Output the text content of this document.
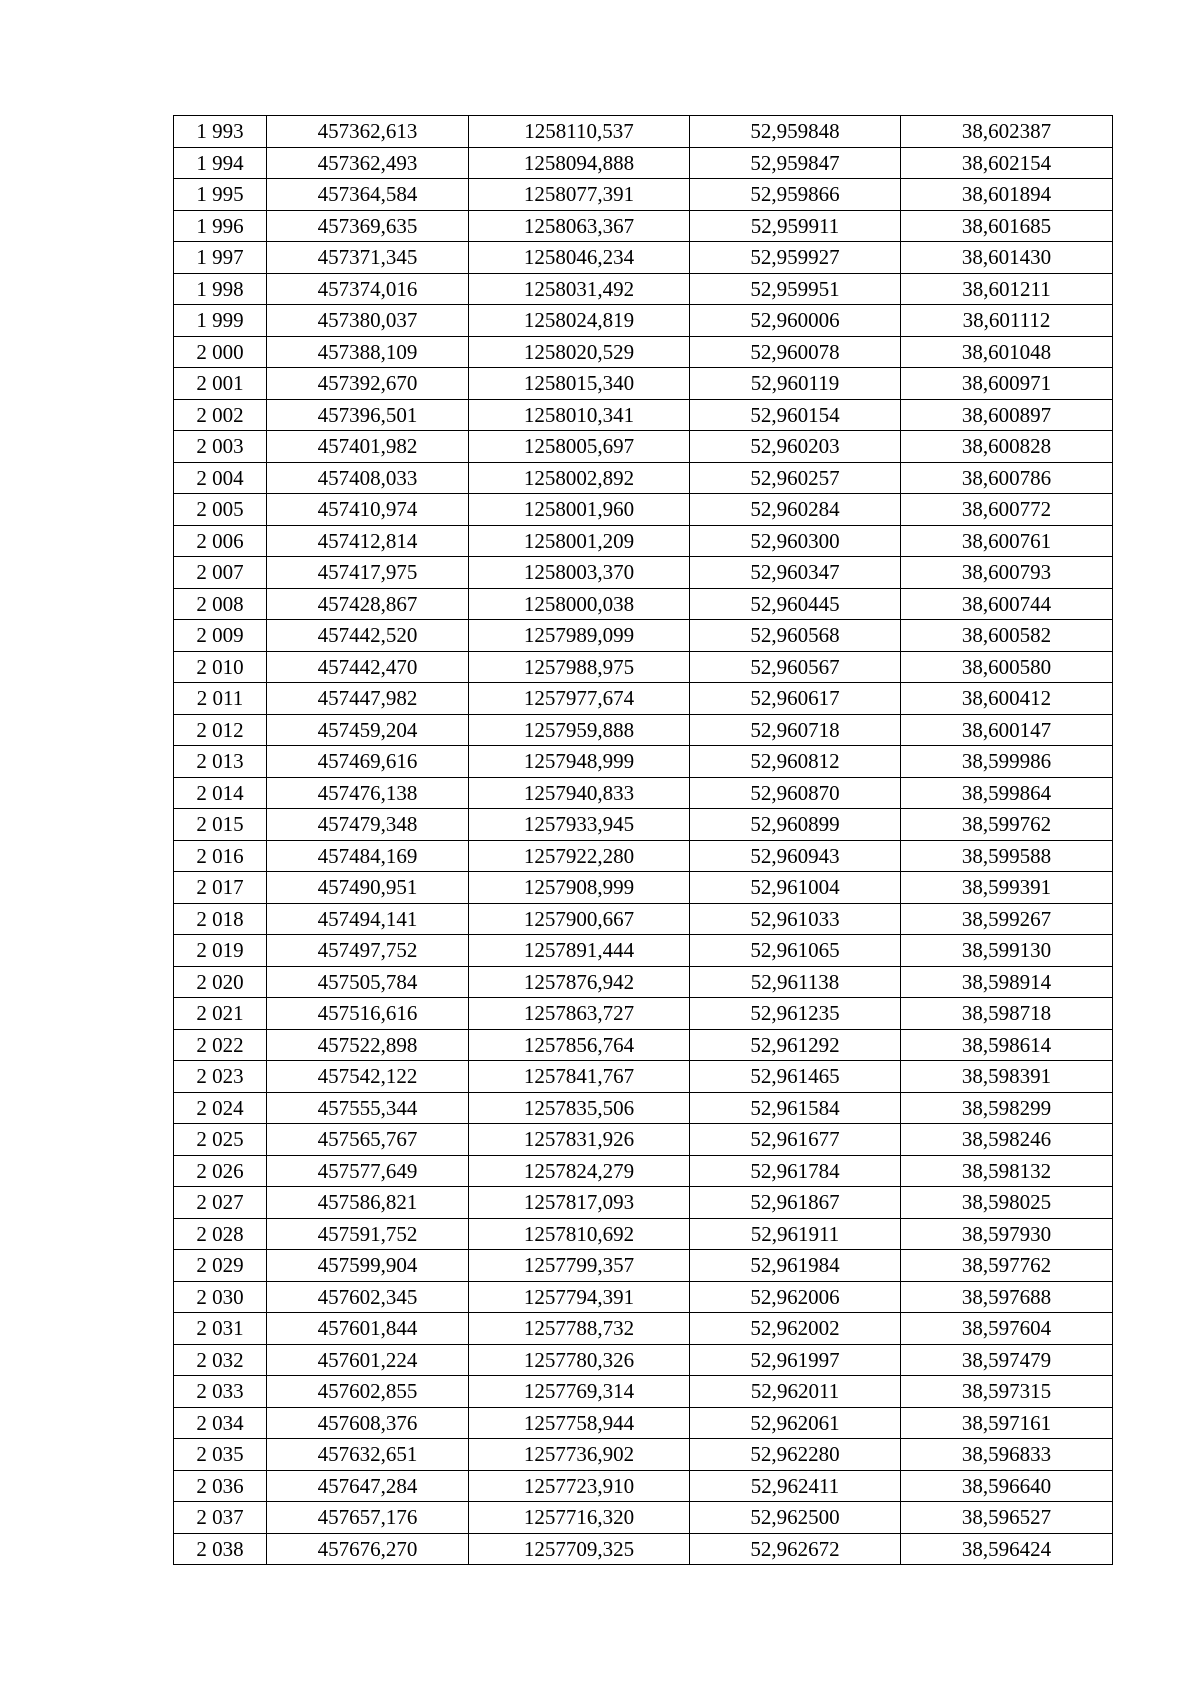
1 993	457362,613	1258110,537	52,959848	38,602387
1 994	457362,493	1258094,888	52,959847	38,602154
1 995	457364,584	1258077,391	52,959866	38,601894
1 996	457369,635	1258063,367	52,959911	38,601685
1 997	457371,345	1258046,234	52,959927	38,601430
1 998	457374,016	1258031,492	52,959951	38,601211
1 999	457380,037	1258024,819	52,960006	38,601112
2 000	457388,109	1258020,529	52,960078	38,601048
2 001	457392,670	1258015,340	52,960119	38,600971
2 002	457396,501	1258010,341	52,960154	38,600897
2 003	457401,982	1258005,697	52,960203	38,600828
2 004	457408,033	1258002,892	52,960257	38,600786
2 005	457410,974	1258001,960	52,960284	38,600772
2 006	457412,814	1258001,209	52,960300	38,600761
2 007	457417,975	1258003,370	52,960347	38,600793
2 008	457428,867	1258000,038	52,960445	38,600744
2 009	457442,520	1257989,099	52,960568	38,600582
2 010	457442,470	1257988,975	52,960567	38,600580
2 011	457447,982	1257977,674	52,960617	38,600412
2 012	457459,204	1257959,888	52,960718	38,600147
2 013	457469,616	1257948,999	52,960812	38,599986
2 014	457476,138	1257940,833	52,960870	38,599864
2 015	457479,348	1257933,945	52,960899	38,599762
2 016	457484,169	1257922,280	52,960943	38,599588
2 017	457490,951	1257908,999	52,961004	38,599391
2 018	457494,141	1257900,667	52,961033	38,599267
2 019	457497,752	1257891,444	52,961065	38,599130
2 020	457505,784	1257876,942	52,961138	38,598914
2 021	457516,616	1257863,727	52,961235	38,598718
2 022	457522,898	1257856,764	52,961292	38,598614
2 023	457542,122	1257841,767	52,961465	38,598391
2 024	457555,344	1257835,506	52,961584	38,598299
2 025	457565,767	1257831,926	52,961677	38,598246
2 026	457577,649	1257824,279	52,961784	38,598132
2 027	457586,821	1257817,093	52,961867	38,598025
2 028	457591,752	1257810,692	52,961911	38,597930
2 029	457599,904	1257799,357	52,961984	38,597762
2 030	457602,345	1257794,391	52,962006	38,597688
2 031	457601,844	1257788,732	52,962002	38,597604
2 032	457601,224	1257780,326	52,961997	38,597479
2 033	457602,855	1257769,314	52,962011	38,597315
2 034	457608,376	1257758,944	52,962061	38,597161
2 035	457632,651	1257736,902	52,962280	38,596833
2 036	457647,284	1257723,910	52,962411	38,596640
2 037	457657,176	1257716,320	52,962500	38,596527
2 038	457676,270	1257709,325	52,962672	38,596424
